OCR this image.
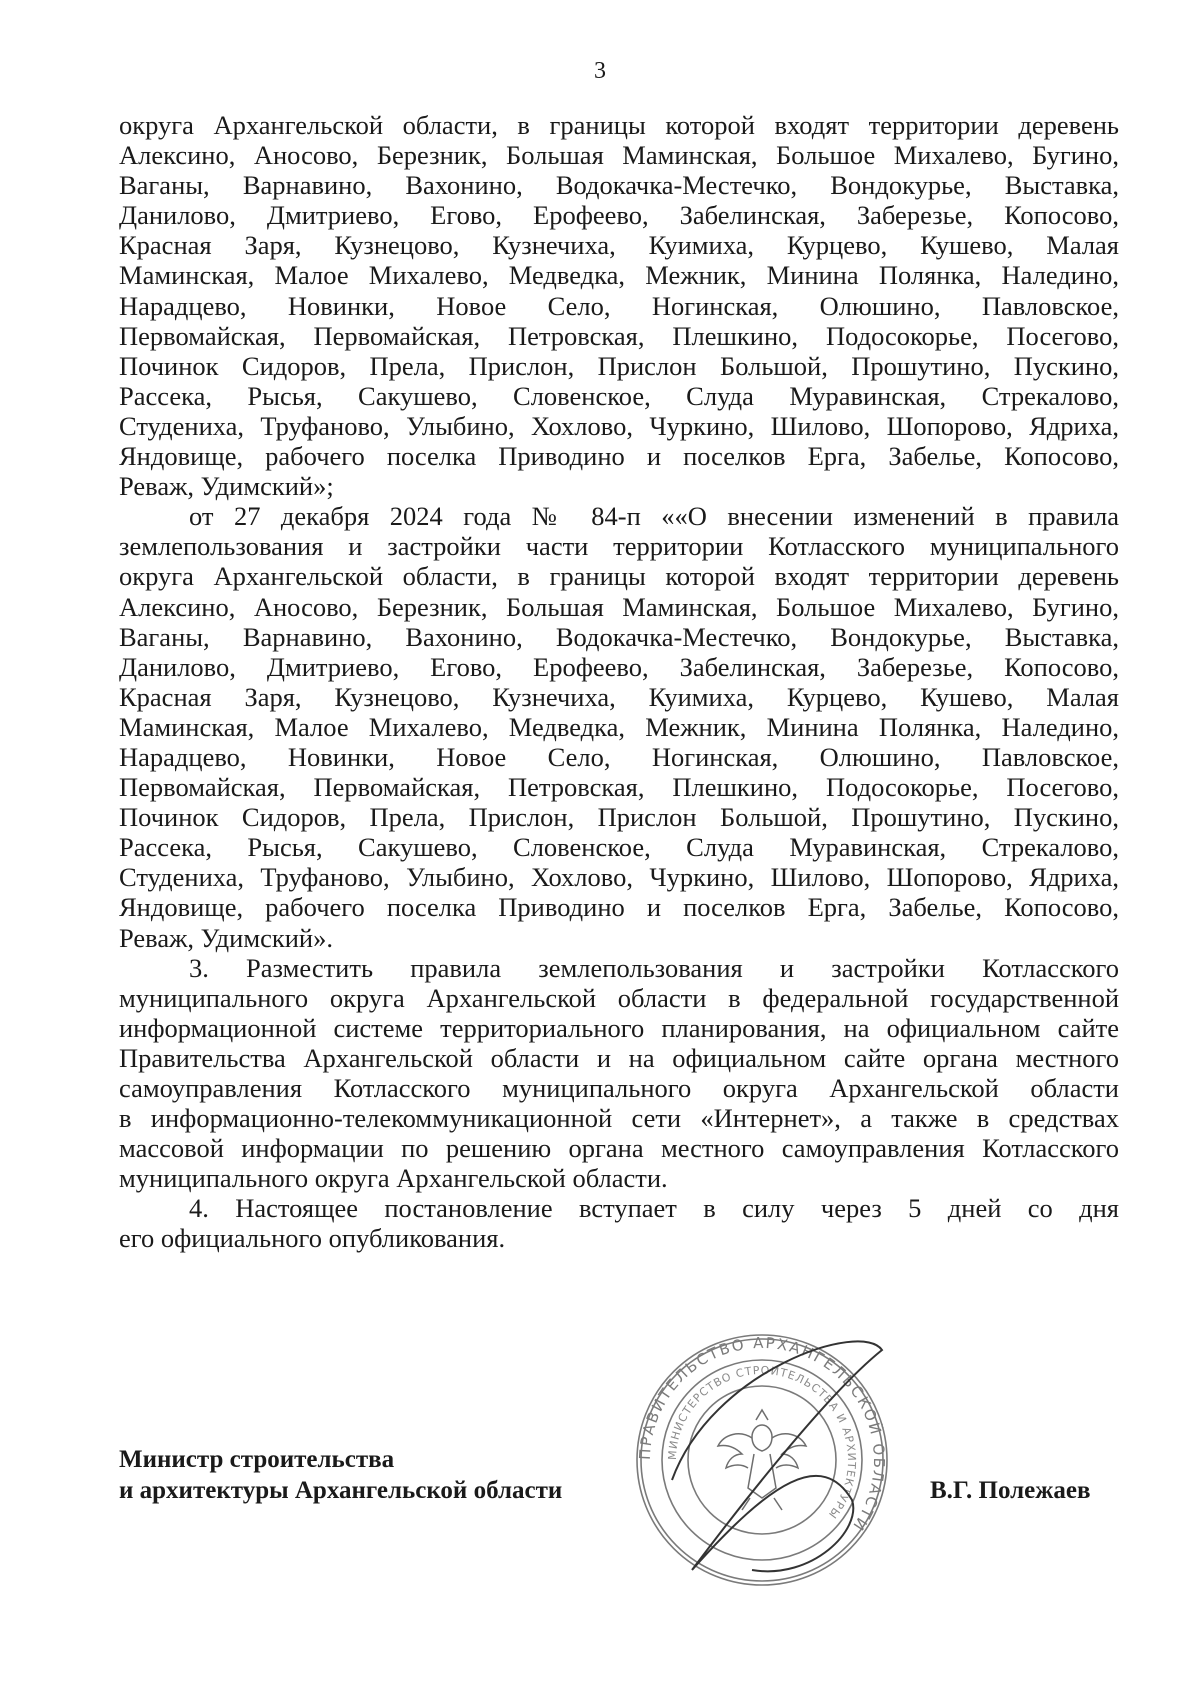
3
округа Архангельской области, в границы которой входят территории деревень
Алексино, Аносово, Березник, Большая Маминская, Большое Михалево, Бугино,
Ваганы, Варнавино, Вахонино, Водокачка-Местечко, Вондокурье, Выставка,
Данилово, Дмитриево, Егово, Ерофеево, Забелинская, Заберезье, Копосово,
Красная Заря, Кузнецово, Кузнечиха, Куимиха, Курцево, Кушево, Малая
Маминская, Малое Михалево, Медведка, Межник, Минина Полянка, Наледино,
Нарадцево, Новинки, Новое Село, Ногинская, Олюшино, Павловское,
Первомайская, Первомайская, Петровская, Плешкино, Подосокорье, Посегово,
Починок Сидоров, Прела, Прислон, Прислон Большой, Прошутино, Пускино,
Рассека, Рысья, Сакушево, Словенское, Слуда Муравинская, Стрекалово,
Студениха, Труфаново, Улыбино, Хохлово, Чуркино, Шилово, Шопорово, Ядриха,
Яндовище, рабочего поселка Приводино и поселков Ерга, Забелье, Копосово,
Реваж, Удимский»;
от 27 декабря 2024 года № 84-п ««О внесении изменений в правила
землепользования и застройки части территории Котласского муниципального
округа Архангельской области, в границы которой входят территории деревень
Алексино, Аносово, Березник, Большая Маминская, Большое Михалево, Бугино,
Ваганы, Варнавино, Вахонино, Водокачка-Местечко, Вондокурье, Выставка,
Данилово, Дмитриево, Егово, Ерофеево, Забелинская, Заберезье, Копосово,
Красная Заря, Кузнецово, Кузнечиха, Куимиха, Курцево, Кушево, Малая
Маминская, Малое Михалево, Медведка, Межник, Минина Полянка, Наледино,
Нарадцево, Новинки, Новое Село, Ногинская, Олюшино, Павловское,
Первомайская, Первомайская, Петровская, Плешкино, Подосокорье, Посегово,
Починок Сидоров, Прела, Прислон, Прислон Большой, Прошутино, Пускино,
Рассека, Рысья, Сакушево, Словенское, Слуда Муравинская, Стрекалово,
Студениха, Труфаново, Улыбино, Хохлово, Чуркино, Шилово, Шопорово, Ядриха,
Яндовище, рабочего поселка Приводино и поселков Ерга, Забелье, Копосово,
Реваж, Удимский».
3. Разместить правила землепользования и застройки Котласского
муниципального округа Архангельской области в федеральной государственной
информационной системе территориального планирования, на официальном сайте
Правительства Архангельской области и на официальном сайте органа местного
самоуправления Котласского муниципального округа Архангельской области
в информационно-телекоммуникационной сети «Интернет», а также в средствах
массовой информации по решению органа местного самоуправления Котласского
муниципального округа Архангельской области.
4. Настоящее постановление вступает в силу через 5 дней со дня
его официального опубликования.
Министр строительства
и архитектуры Архангельской области	В.Г. Полежаев
ПРАВИТЕЛЬСТВО АРХАНГЕЛЬСКОЙ ОБЛАСТИ
МИНИСТЕРСТВО СТРОИТЕЛЬСТВА И АРХИТЕКТУРЫ
